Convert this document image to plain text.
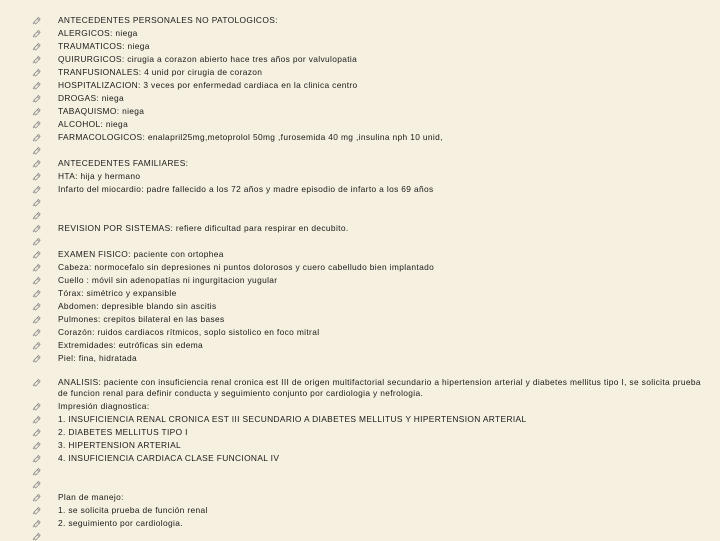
ANTECEDENTES PERSONALES NO PATOLOGICOS:
ALERGICOS: niega
TRAUMATICOS: niega
QUIRURGICOS: cirugia a corazon abierto hace tres años por valvulopatia
TRANFUSIONALES: 4 unid por cirugia de corazon
HOSPITALIZACION: 3 veces por enfermedad cardiaca en la clinica centro
DROGAS: niega
TABAQUISMO: niega
ALCOHOL: niega
FARMACOLOGICOS: enalapril25mg,metoprolol 50mg ,furosemida 40 mg ,insulina nph 10 unid,
ANTECEDENTES FAMILIARES:
HTA: hija y hermano
Infarto del miocardio: padre fallecido a los 72 años y madre episodio de infarto a los 69 años
REVISION POR SISTEMAS: refiere dificultad para respirar en decubito.
EXAMEN FISICO: paciente con ortophea
Cabeza: normocefalo sin depresiones ni puntos dolorosos y cuero cabelludo bien implantado
Cuello : móvil sin adenopatías ni ingurgitacion yugular
Tórax: simétrico y expansible
Abdomen: depresible blando sin ascitis
Pulmones: crepitos bilateral en las bases
Corazón: ruidos cardiacos rítmicos, soplo sistolico en foco mitral
Extremidades: eutróficas sin edema
Piel: fina, hidratada
ANALISIS: paciente con insuficiencia renal cronica est III de origen multifactorial secundario a hipertension arterial y diabetes mellitus tipo I, se solicita prueba de funcion renal para definir conducta y seguimiento conjunto por cardiologia y nefrologia.
Impresión diagnostica:
1. INSUFICIENCIA RENAL CRONICA EST III SECUNDARIO A DIABETES MELLITUS Y HIPERTENSION ARTERIAL
2. DIABETES MELLITUS TIPO I
3. HIPERTENSION ARTERIAL
4. INSUFICIENCIA CARDIACA CLASE FUNCIONAL IV
Plan de manejo:
1. se solicita prueba de función renal
2. seguimiento por cardiologia.
